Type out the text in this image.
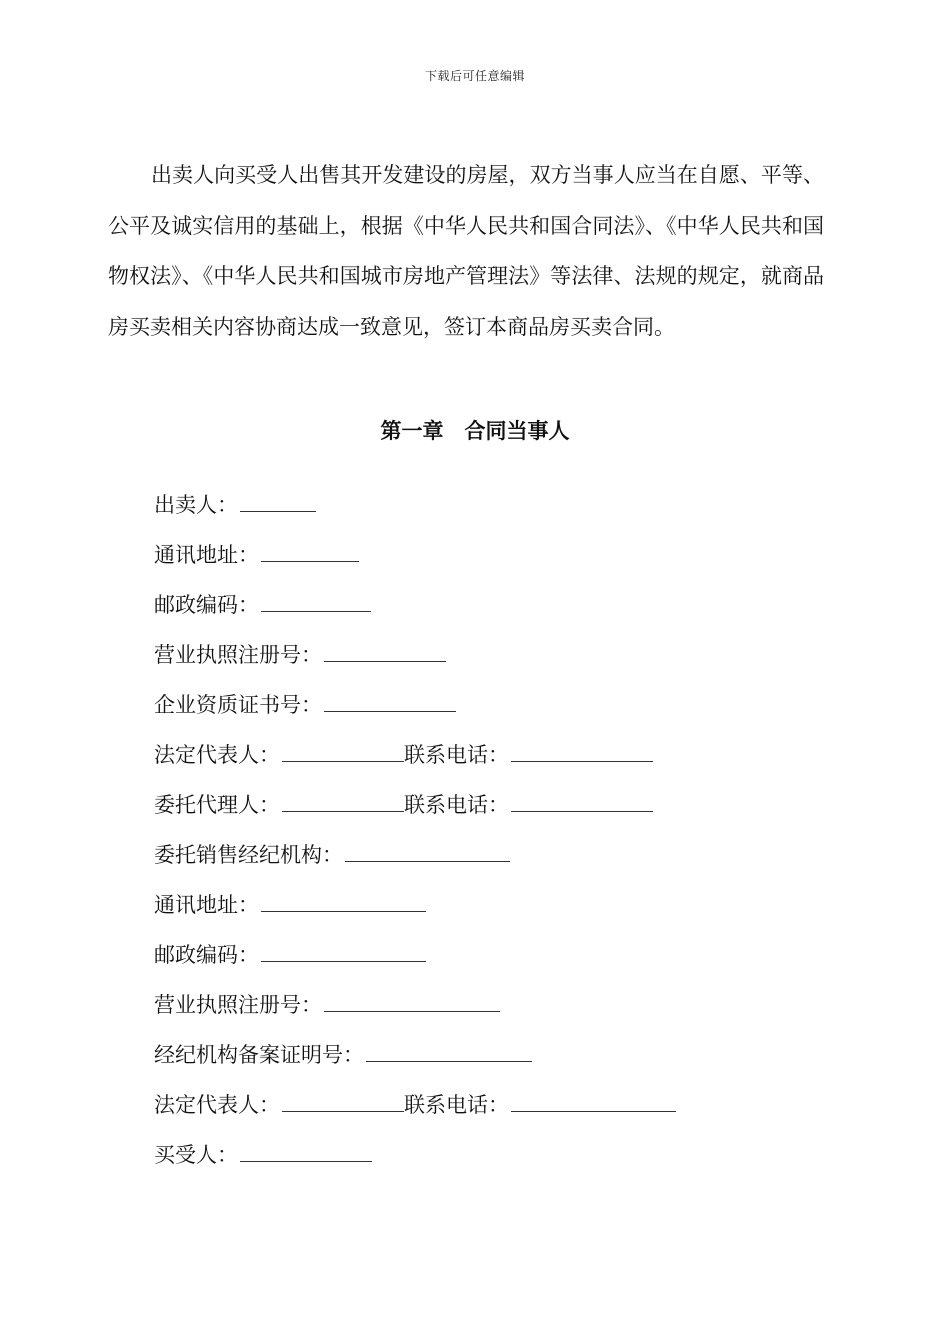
下载后可任意编辑

出卖人向买受人出售其开发建设的房屋，双方当事人应当在自愿、平等、公平及诚实信用的基础上，根据《中华人民共和国合同法》、《中华人民共和国物权法》、《中华人民共和国城市房地产管理法》等法律、法规的规定，就商品房买卖相关内容协商达成一致意见，签订本商品房买卖合同。

第一章　合同当事人
出卖人：
通讯地址：
邮政编码：
营业执照注册号：
企业资质证书号：
法定代表人：	联系电话：
委托代理人：	联系电话：
委托销售经纪机构：
通讯地址：
邮政编码：
营业执照注册号：
经纪机构备案证明号：
法定代表人：	联系电话：
买受人：
